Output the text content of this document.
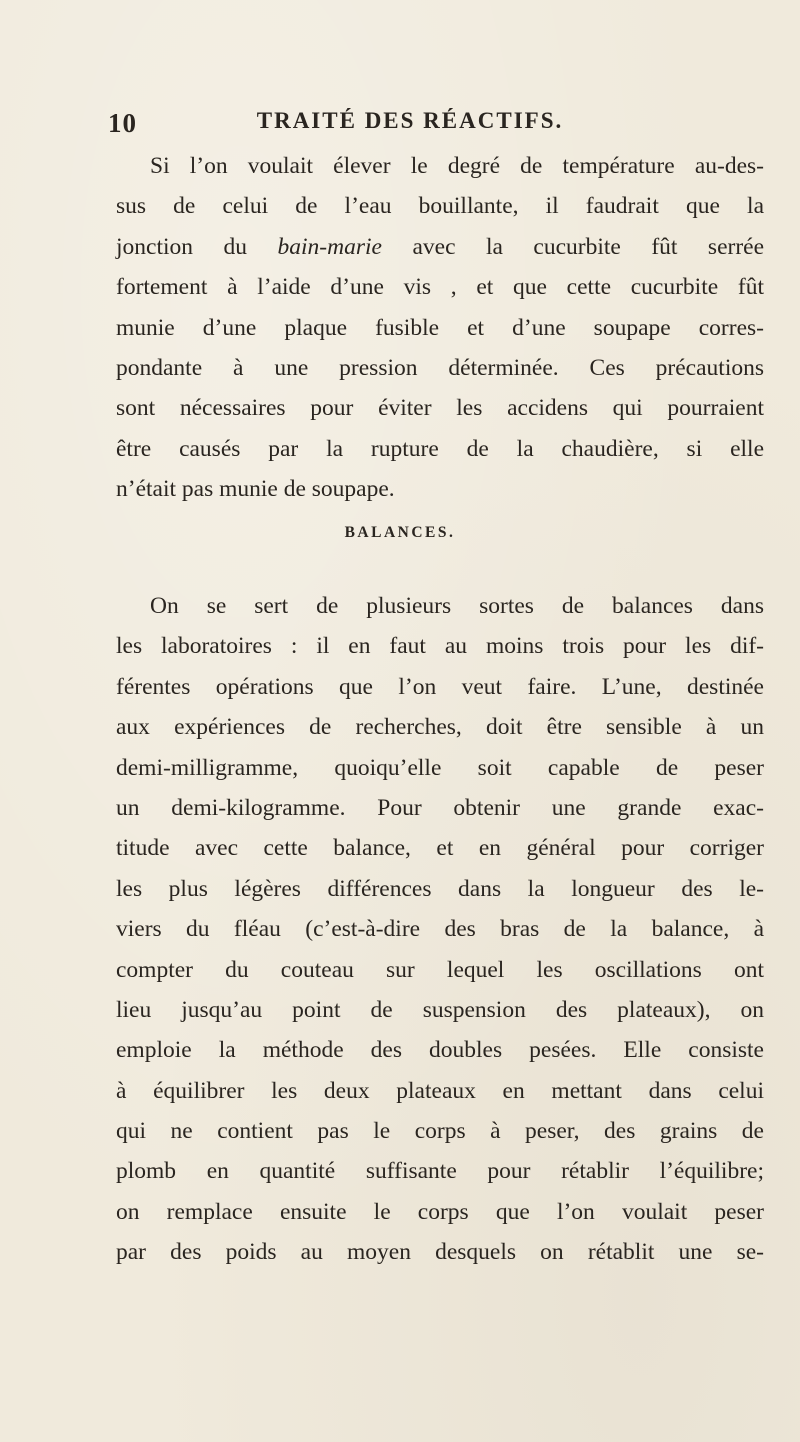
10	TRAITÉ DES RÉACTIFS.
Si l’on voulait élever le degré de température au-des-
sus de celui de l’eau bouillante, il faudrait que la
jonction du bain-marie avec la cucurbite fût serrée
fortement à l’aide d’une vis , et que cette cucurbite fût
munie d’une plaque fusible et d’une soupape corres-
pondante à une pression déterminée. Ces précautions
sont nécessaires pour éviter les accidens qui pourraient
être causés par la rupture de la chaudière, si elle
n’était pas munie de soupape.
BALANCES.
On se sert de plusieurs sortes de balances dans
les laboratoires : il en faut au moins trois pour les dif-
férentes opérations que l’on veut faire. L’une, destinée
aux expériences de recherches, doit être sensible à un
demi-milligramme, quoiqu’elle soit capable de peser
un demi-kilogramme. Pour obtenir une grande exac-
titude avec cette balance, et en général pour corriger
les plus légères différences dans la longueur des le-
viers du fléau (c’est-à-dire des bras de la balance, à
compter du couteau sur lequel les oscillations ont
lieu jusqu’au point de suspension des plateaux), on
emploie la méthode des doubles pesées. Elle consiste
à équilibrer les deux plateaux en mettant dans celui
qui ne contient pas le corps à peser, des grains de
plomb en quantité suffisante pour rétablir l’équilibre;
on remplace ensuite le corps que l’on voulait peser
par des poids au moyen desquels on rétablit une se-
